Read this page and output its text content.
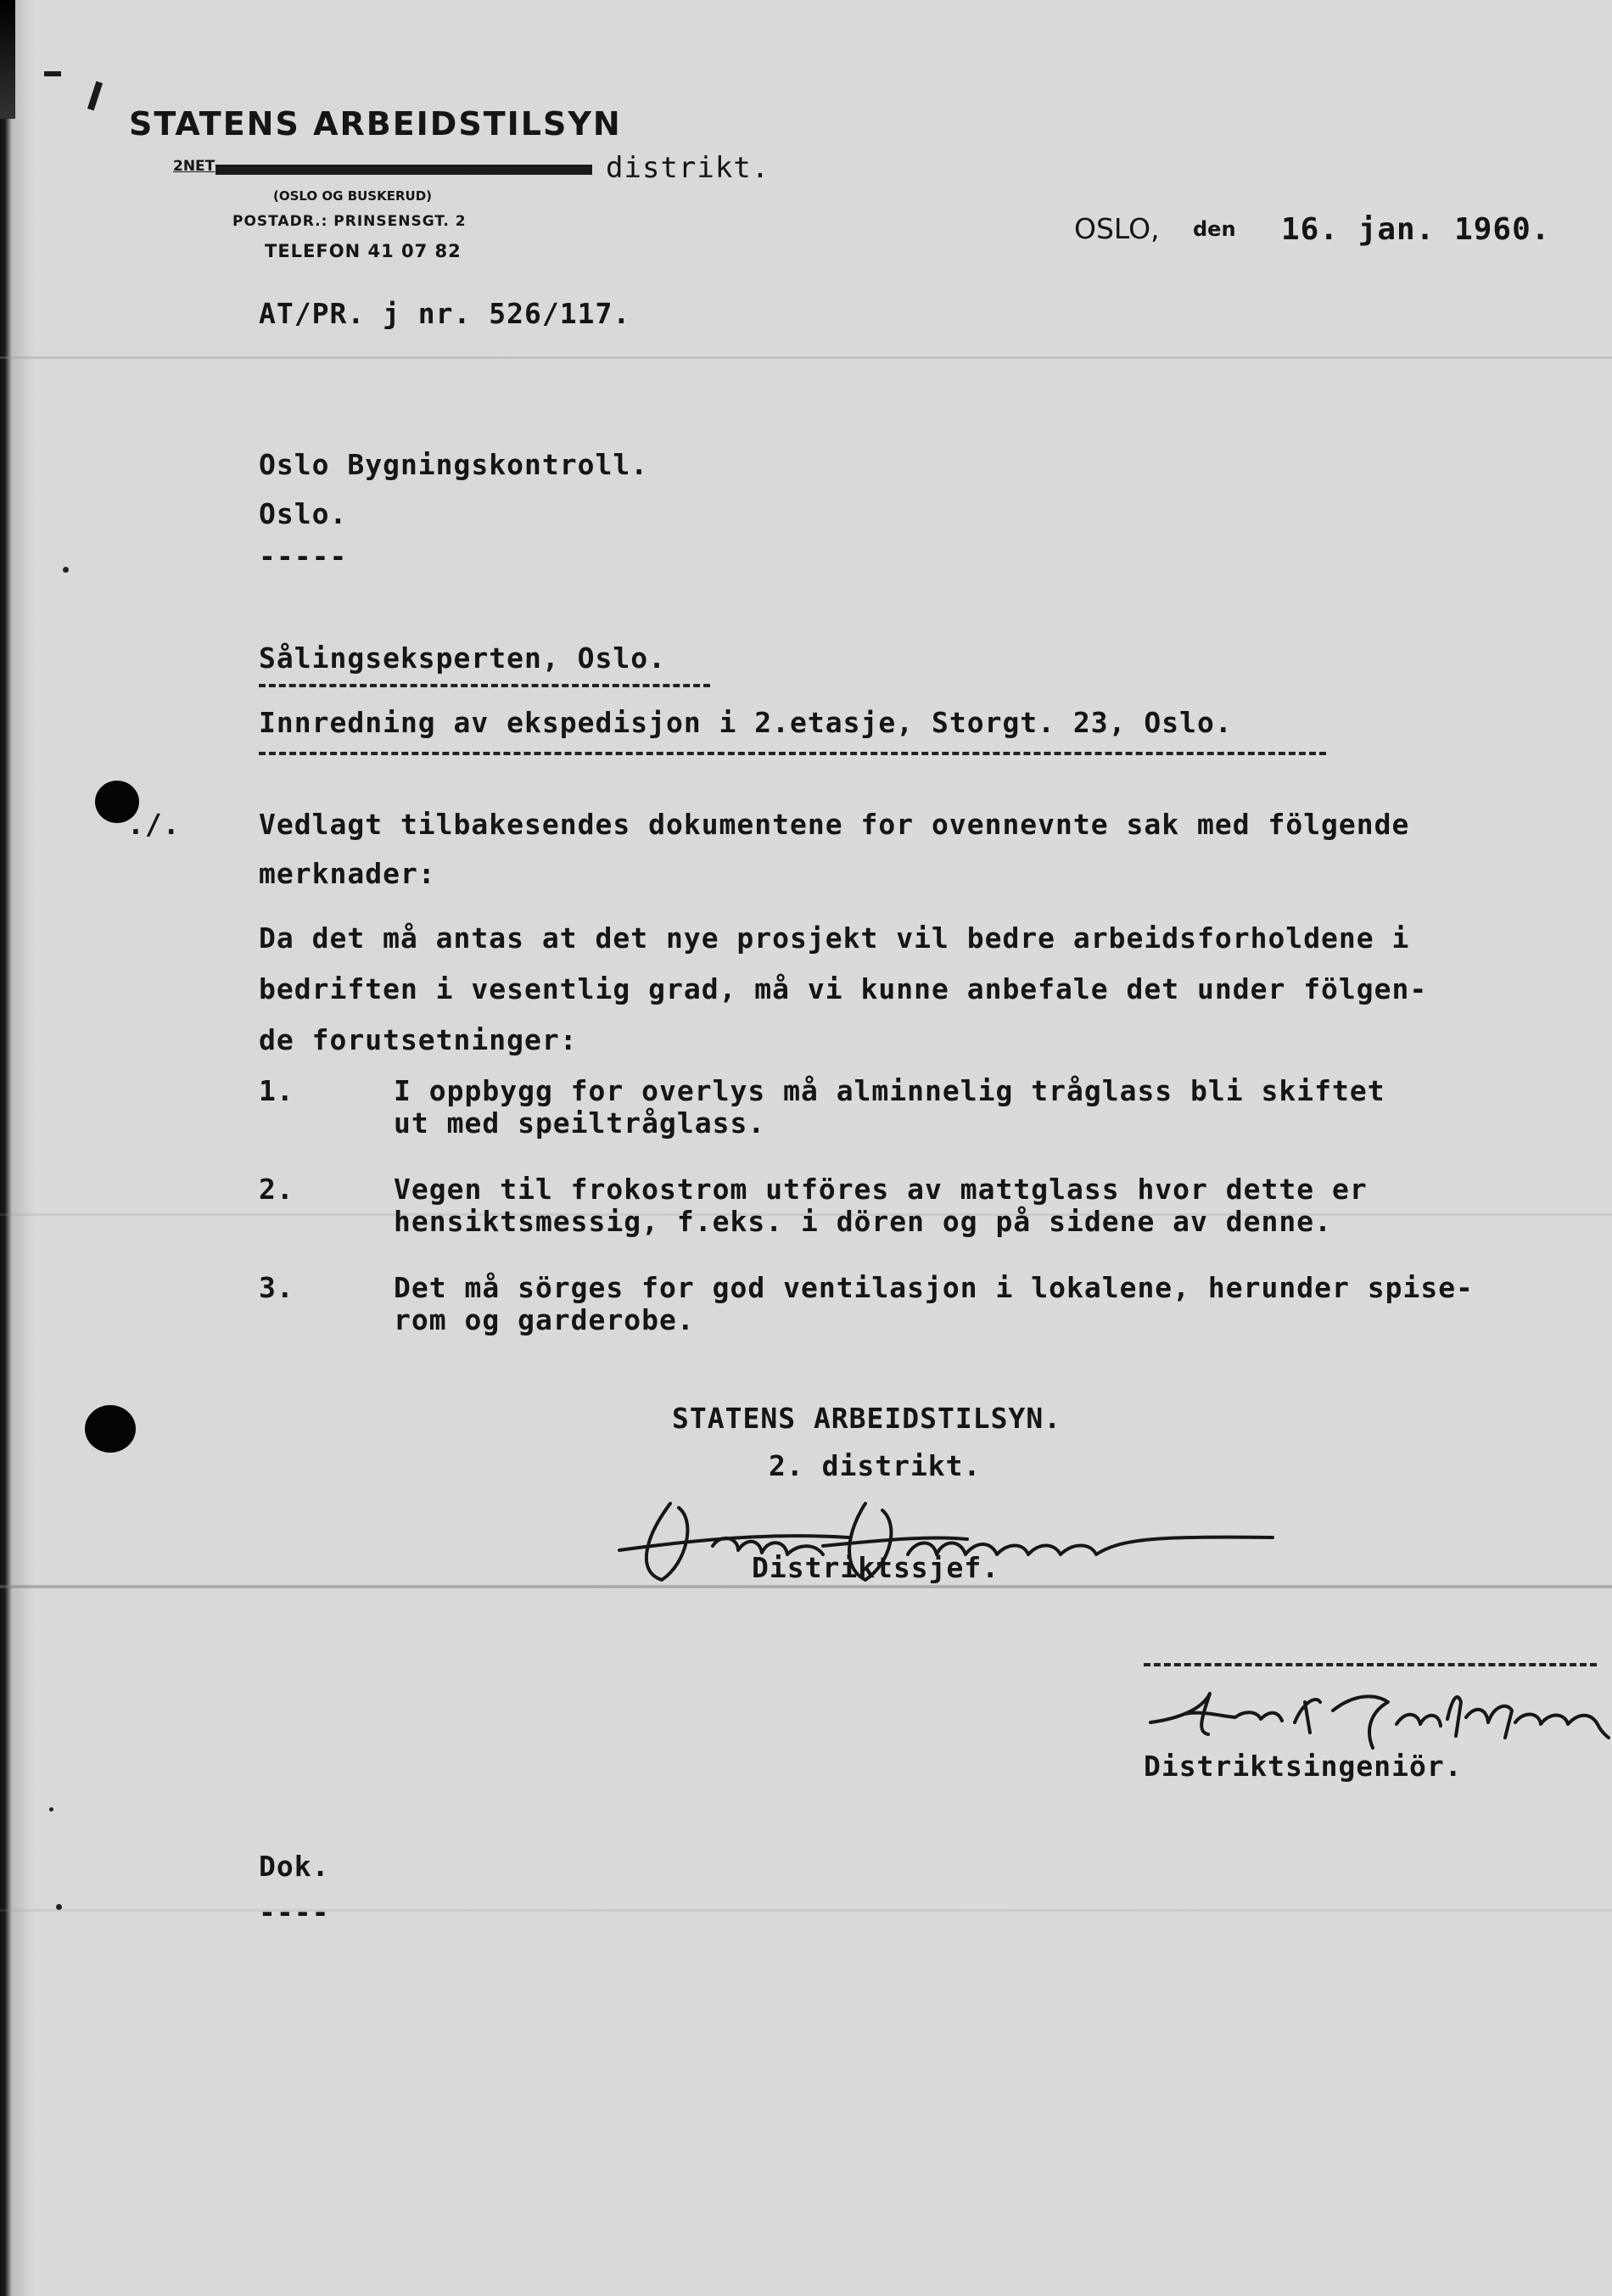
STATENS ARBEIDSTILSYN
2NET	distrikt.
(OSLO OG BUSKERUD)
POSTADR.: PRINSENSGT. 2
TELEFON 41 07 82
OSLO, den 16. jan. 1960.
AT/PR. j nr. 526/117.
Oslo Bygningskontroll.
Oslo.
-----
Sålingseksperten, Oslo.
Innredning av ekspedisjon i 2.etasje, Storgt. 23, Oslo.
./.	Vedlagt tilbakesendes dokumentene for ovennevnte sak med fölgende
merknader:
Da det må antas at det nye prosjekt vil bedre arbeidsforholdene i
bedriften i vesentlig grad, må vi kunne anbefale det under fölgen-
de forutsetninger:
1.	I oppbygg for overlys må alminnelig tråglass bli skiftet
ut med speiltråglass.
2.	Vegen til frokostrom utföres av mattglass hvor dette er
hensiktsmessig, f.eks. i dören og på sidene av denne.
3.	Det må sörges for god ventilasjon i lokalene, herunder spise-
rom og garderobe.
STATENS ARBEIDSTILSYN.
2. distrikt.
Distriktssjef.
Distriktsingeniör.
Dok.
----
